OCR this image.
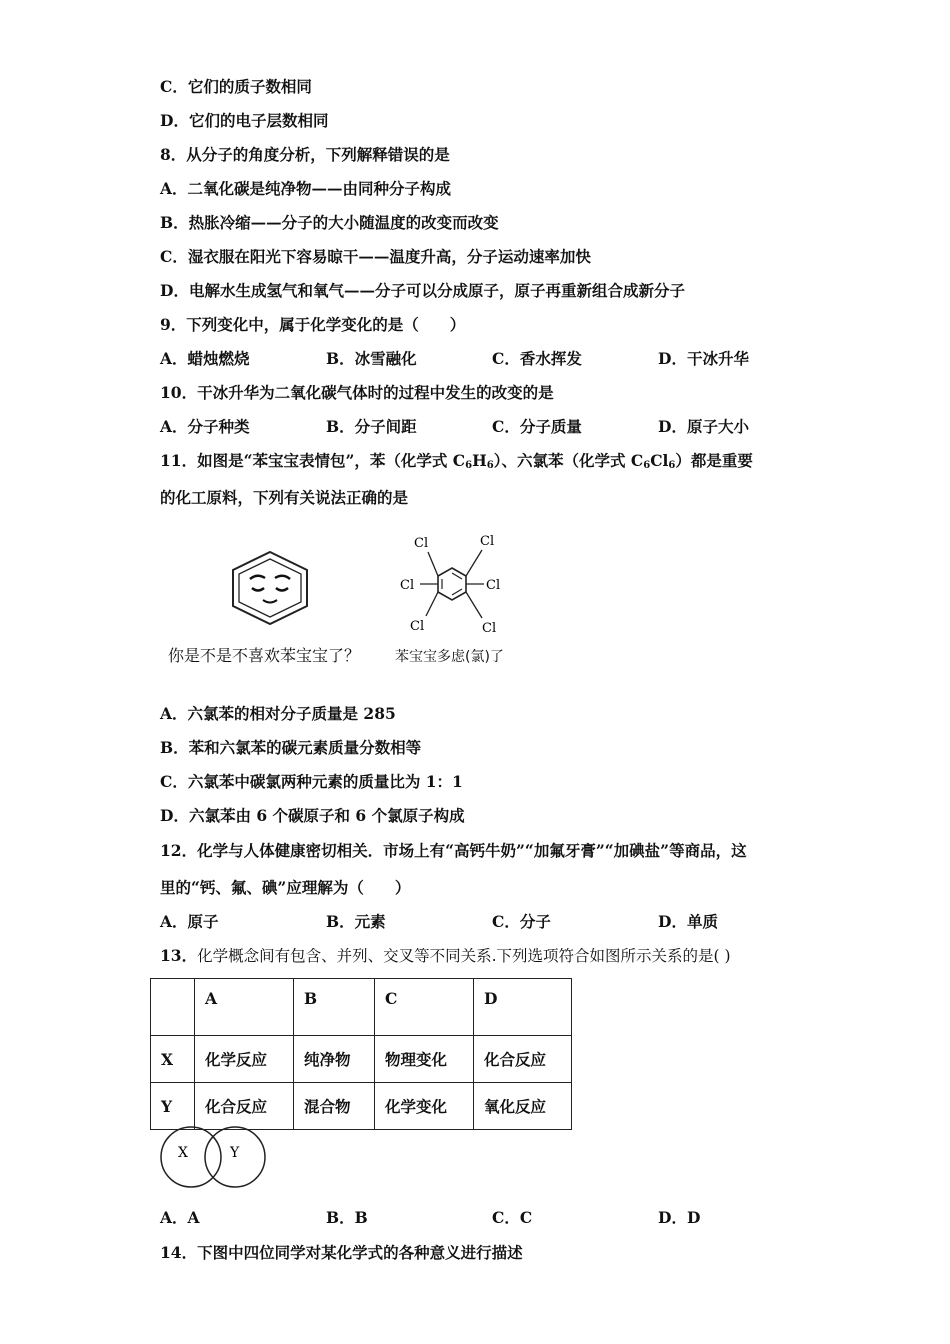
C．它们的质子数相同
D．它们的电子层数相同
8．从分子的角度分析，下列解释错误的是
A．二氧化碳是纯净物——由同种分子构成
B．热胀冷缩——分子的大小随温度的改变而改变
C．湿衣服在阳光下容易晾干——温度升高，分子运动速率加快
D．电解水生成氢气和氧气——分子可以分成原子，原子再重新组合成新分子
9．下列变化中，属于化学变化的是（　　）
A．蜡烛燃烧	B．冰雪融化	C．香水挥发	D．干冰升华
10．干冰升华为二氧化碳气体时的过程中发生的改变的是
A．分子种类	B．分子间距	C．分子质量	D．原子大小
11．如图是“苯宝宝表情包”，苯（化学式 $C_6H_6$）、六氯苯（化学式 $C_6Cl_6$）都是重要
的化工原料，下列有关说法正确的是
Cl	Cl
Cl	Cl
Cl	Cl
你是不是不喜欢苯宝宝了？ 苯宝宝多虑(氯)了
A．六氯苯的相对分子质量是 285
B．苯和六氯苯的碳元素质量分数相等
C．六氯苯中碳氯两种元素的质量比为 1：1
D．六氯苯由 6 个碳原子和 6 个氯原子构成
12．化学与人体健康密切相关．市场上有“高钙牛奶”“加氟牙膏”“加碘盐”等商品，这
里的“钙、氟、碘”应理解为（　　）
A．原子	B．元素	C．分子	D．单质
13．化学概念间有包含、并列、交叉等不同关系.下列选项符合如图所示关系的是( )
	A	B	C	D
X	化学反应	纯净物	物理变化	化合反应
Y	化合反应	混合物	化学变化	氧化反应
X	Y
A．A	B．B	C．C	D．D
14．下图中四位同学对某化学式的各种意义进行描述
